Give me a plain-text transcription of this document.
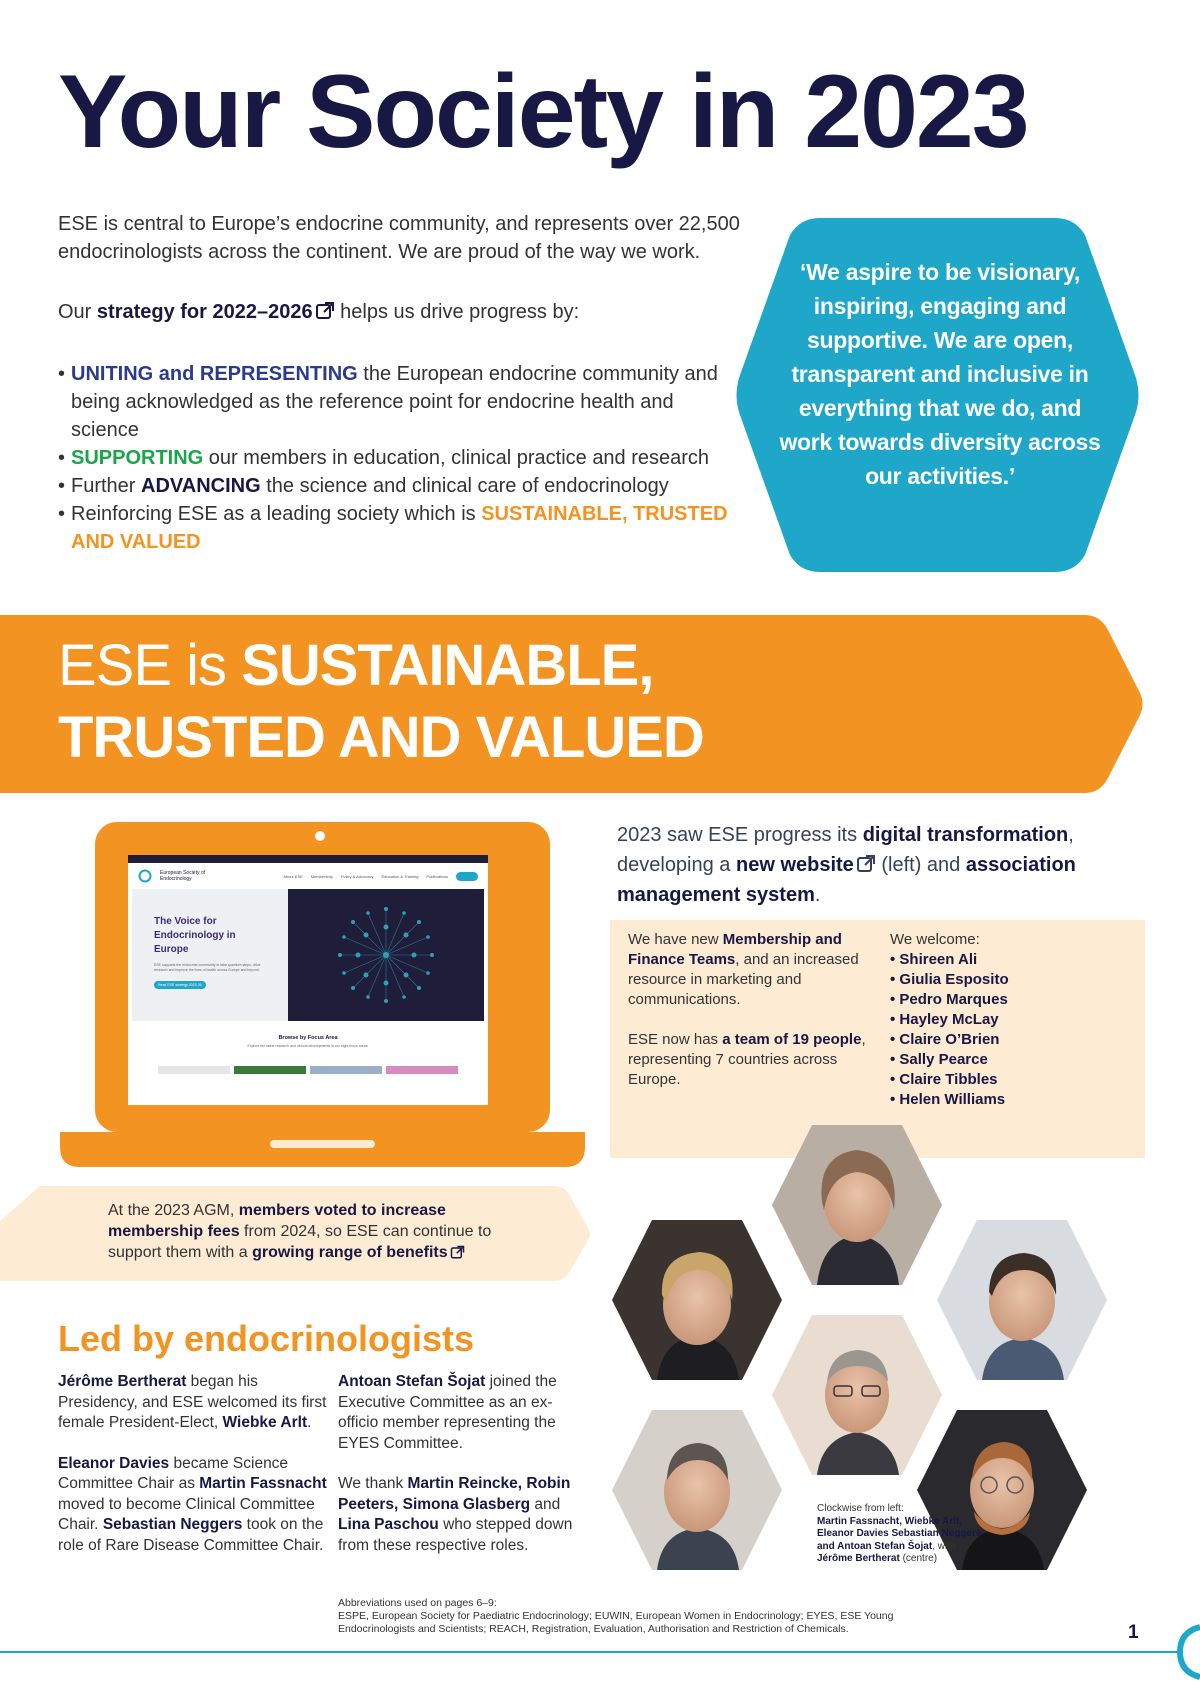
Your Society in 2023

ESE is central to Europe’s endocrine community, and represents over 22,500 endocrinologists across the continent. We are proud of the way we work.

Our strategy for 2022–2026 helps us drive progress by:

• UNITING and REPRESENTING the European endocrine community and being acknowledged as the reference point for endocrine health and science
• SUPPORTING our members in education, clinical practice and research
• Further ADVANCING the science and clinical care of endocrinology
• Reinforcing ESE as a leading society which is SUSTAINABLE, TRUSTED AND VALUED

‘We aspire to be visionary, inspiring, engaging and supportive. We are open, transparent and inclusive in everything that we do, and work towards diversity across our activities.’

ESE is SUSTAINABLE,
TRUSTED AND VALUED
European Society of Endocrinology	About ESE Membership Policy & Advocacy Education & Training Publications
The Voice for Endocrinology in Europe
ESE supports the endocrine community to take quantum steps, drive research and improve the lives of health across Europe and beyond.
Read ESE strategy 2022-26
Browse by Focus Area
Explore the latest research and clinical developments in our eight focus areas.

2023 saw ESE progress its digital transformation, developing a new website (left) and association management system.

We have new Membership and Finance Teams, and an increased resource in marketing and communications.

ESE now has a team of 19 people, representing 7 countries across Europe.

We welcome:
• Shireen Ali
• Giulia Esposito
• Pedro Marques
• Hayley McLay
• Claire O’Brien
• Sally Pearce
• Claire Tibbles
• Helen Williams

At the 2023 AGM, members voted to increase membership fees from 2024, so ESE can continue to support them with a growing range of benefits

Led by endocrinologists

Jérôme Bertherat began his Presidency, and ESE welcomed its first female President-Elect, Wiebke Arlt.

Eleanor Davies became Science Committee Chair as Martin Fassnacht moved to become Clinical Committee Chair. Sebastian Neggers took on the role of Rare Disease Committee Chair.

Antoan Stefan Šojat joined the Executive Committee as an ex-officio member representing the EYES Committee.

We thank Martin Reincke, Robin Peeters, Simona Glasberg and Lina Paschou who stepped down from these respective roles.

Abbreviations used on pages 6–9:
ESPE, European Society for Paediatric Endocrinology; EUWIN, European Women in Endocrinology; EYES, ESE Young Endocrinologists and Scientists; REACH, Registration, Evaluation, Authorisation and Restriction of Chemicals.

Clockwise from left:
Martin Fassnacht, Wiebke Arlt, Eleanor Davies Sebastian Neggers and Antoan Stefan Šojat, with Jérôme Bertherat (centre)

1
